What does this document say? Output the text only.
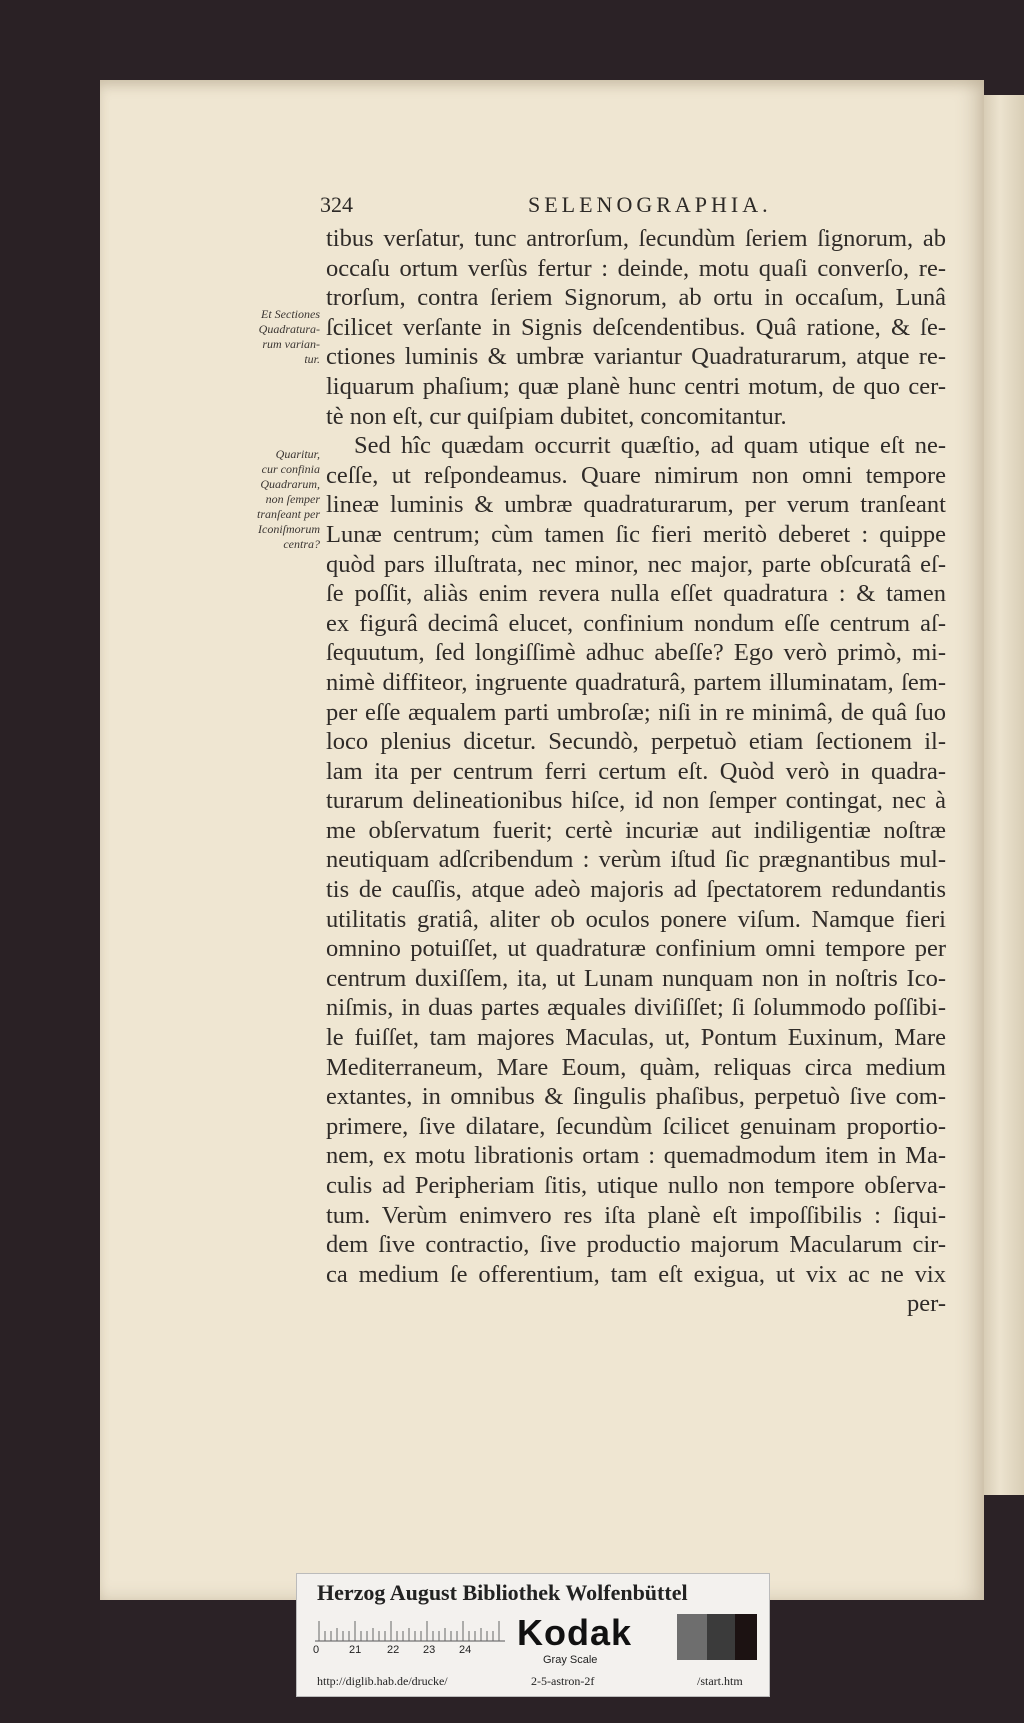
324	SELENOGRAPHIA.
Et Sectiones
Quadratura-
rum varian-
tur.
Quaritur,
cur confinia
Quadrarum,
non ſemper
tranſeant per
Iconiſmorum
centra?
tibus verſatur, tunc antrorſum, ſecundùm ſeriem ſignorum, ab
occaſu ortum verſùs fertur : deinde, motu quaſi converſo, re-
trorſum, contra ſeriem Signorum, ab ortu in occaſum, Lunâ
ſcilicet verſante in Signis deſcendentibus. Quâ ratione, & ſe-
ctiones luminis & umbræ variantur Quadraturarum, atque re-
liquarum phaſium; quæ planè hunc centri motum, de quo cer-
tè non eſt, cur quiſpiam dubitet, concomitantur.
Sed hîc quædam occurrit quæſtio, ad quam utique eſt ne-
ceſſe, ut reſpondeamus. Quare nimirum non omni tempore
lineæ luminis & umbræ quadraturarum, per verum tranſeant
Lunæ centrum; cùm tamen ſic fieri meritò deberet : quippe
quòd pars illuſtrata, nec minor, nec major, parte obſcuratâ eſ-
ſe poſſit, aliàs enim revera nulla eſſet quadratura : & tamen
ex figurâ decimâ elucet, confinium nondum eſſe centrum aſ-
ſequutum, ſed longiſſimè adhuc abeſſe? Ego verò primò, mi-
nimè diffiteor, ingruente quadraturâ, partem illuminatam, ſem-
per eſſe æqualem parti umbroſæ; niſi in re minimâ, de quâ ſuo
loco plenius dicetur. Secundò, perpetuò etiam ſectionem il-
lam ita per centrum ferri certum eſt. Quòd verò in quadra-
turarum delineationibus hiſce, id non ſemper contingat, nec à
me obſervatum fuerit; certè incuriæ aut indiligentiæ noſtræ
neutiquam adſcribendum : verùm iſtud ſic prægnantibus mul-
tis de cauſſis, atque adeò majoris ad ſpectatorem redundantis
utilitatis gratiâ, aliter ob oculos ponere viſum. Namque fieri
omnino potuiſſet, ut quadraturæ confinium omni tempore per
centrum duxiſſem, ita, ut Lunam nunquam non in noſtris Ico-
niſmis, in duas partes æquales diviſiſſet; ſi ſolummodo poſſibi-
le fuiſſet, tam majores Maculas, ut, Pontum Euxinum, Mare
Mediterraneum, Mare Eoum, quàm, reliquas circa medium
extantes, in omnibus & ſingulis phaſibus, perpetuò ſive com-
primere, ſive dilatare, ſecundùm ſcilicet genuinam proportio-
nem, ex motu librationis ortam : quemadmodum item in Ma-
culis ad Peripheriam ſitis, utique nullo non tempore obſerva-
tum. Verùm enimvero res iſta planè eſt impoſſibilis : ſiqui-
dem ſive contractio, ſive productio majorum Macularum cir-
ca medium ſe offerentium, tam eſt exigua, ut vix ac ne vix
per-
Herzog August Bibliothek Wolfenbüttel
0	21 22 23 24 Kodak
Gray Scale
http://diglib.hab.de/drucke/	2-5-astron-2f	/start.htm
